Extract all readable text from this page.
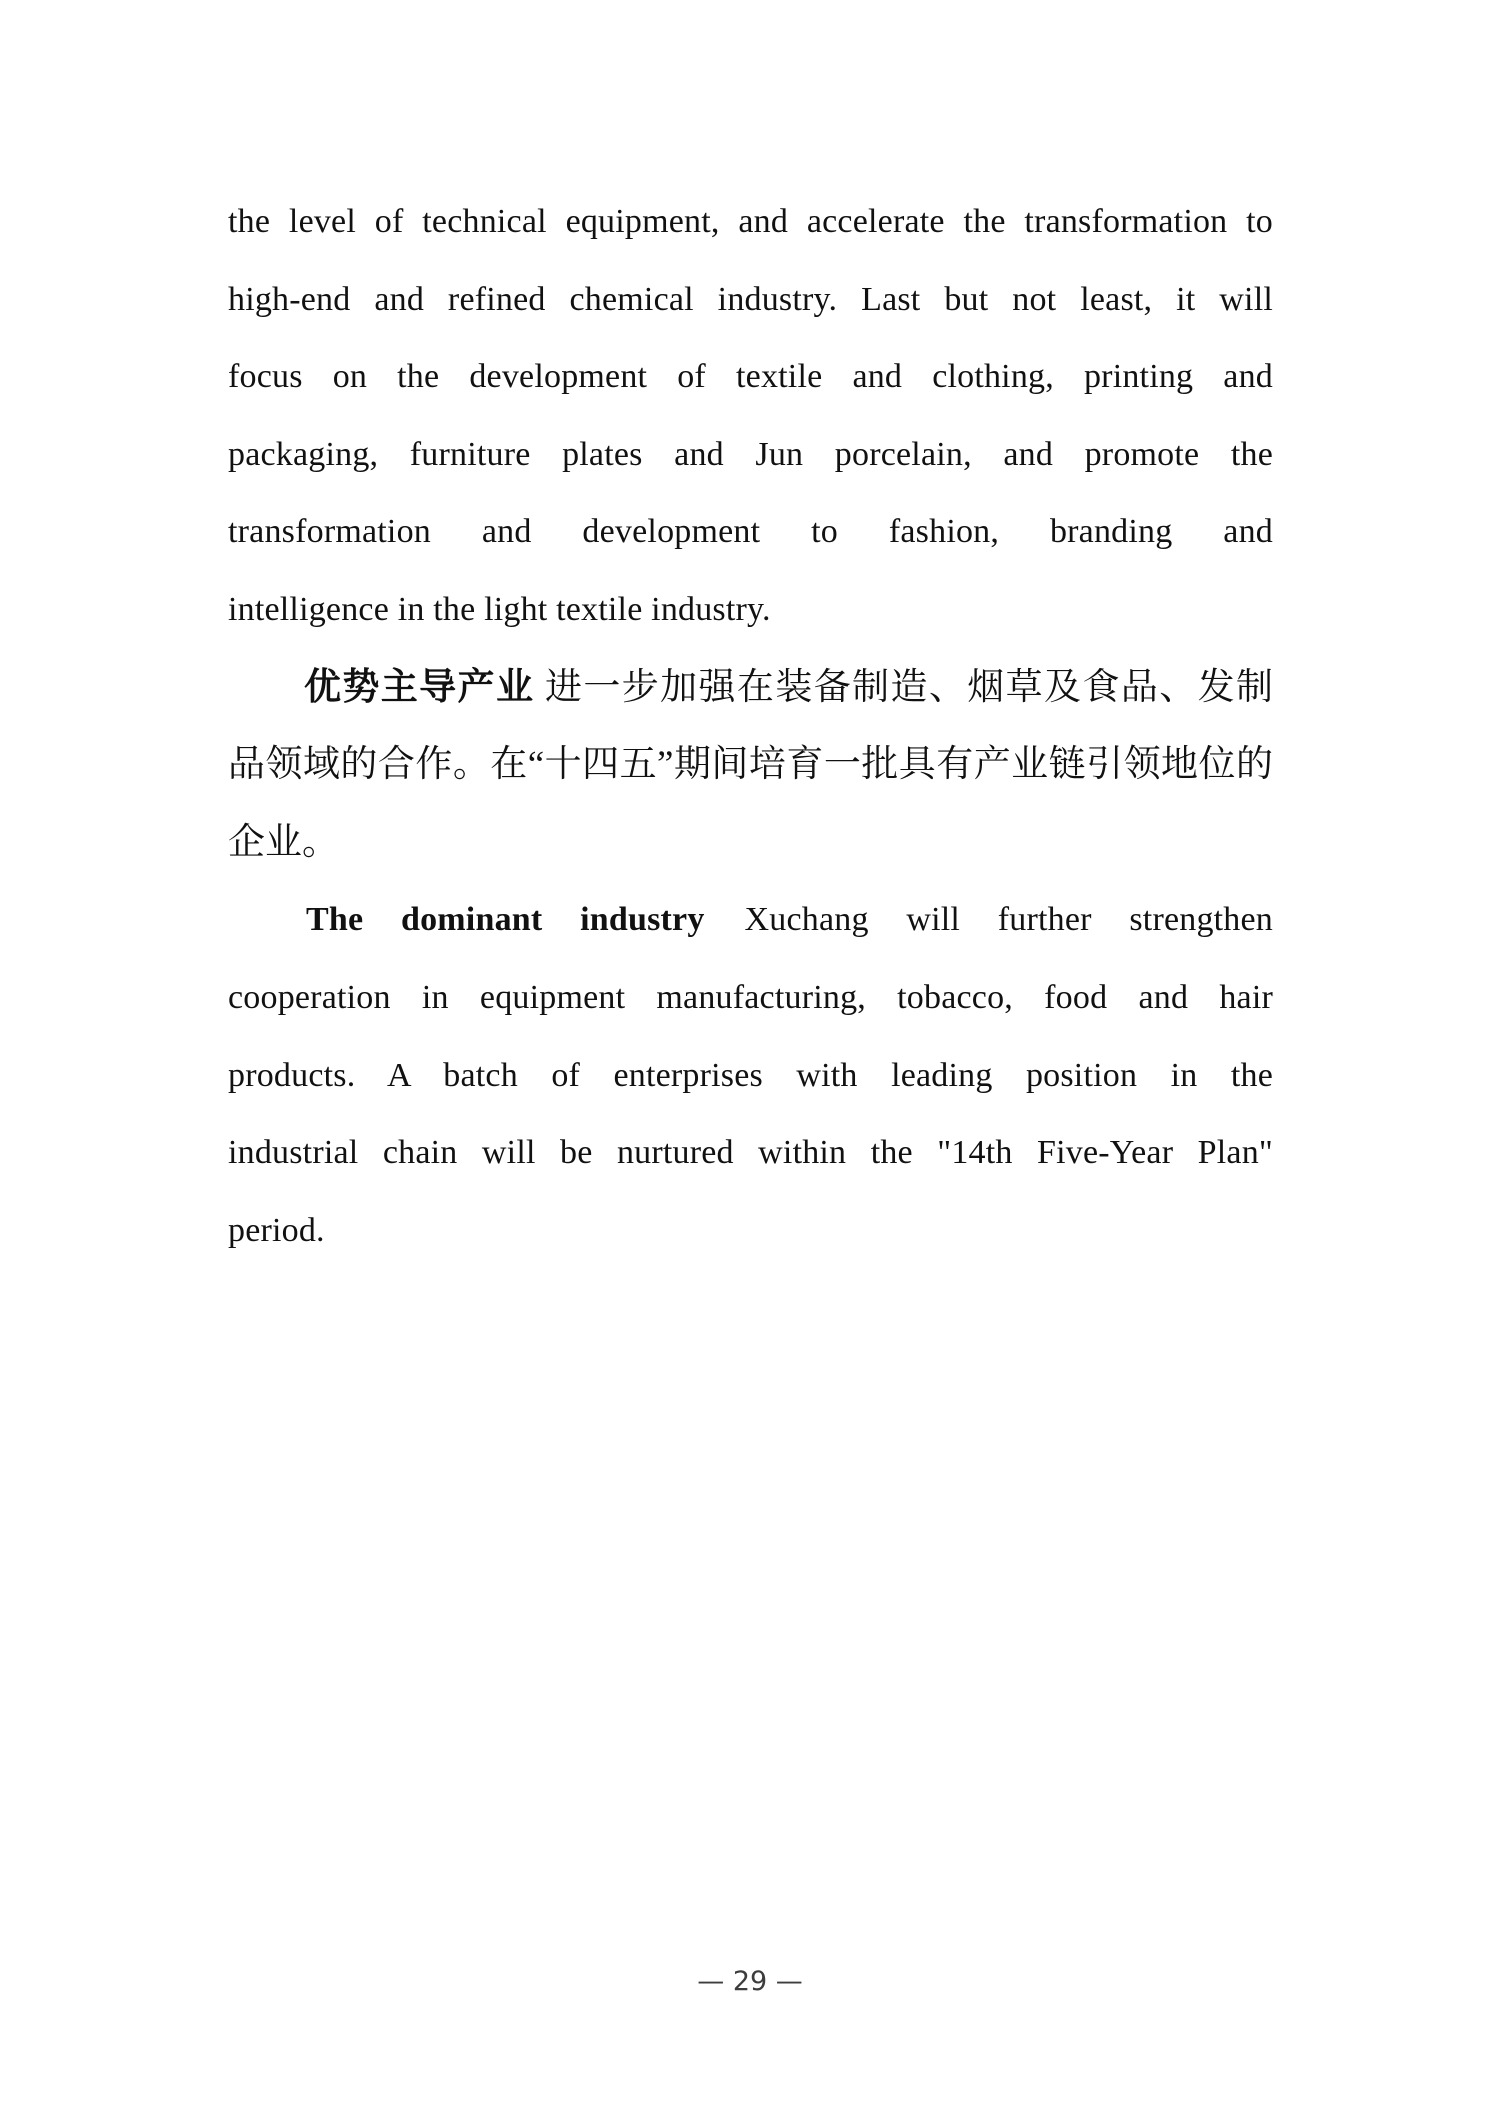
the level of technical equipment, and accelerate the transformation to
high-end and refined chemical industry. Last but not least, it will
focus on the development of textile and clothing, printing and
packaging, furniture plates and Jun porcelain, and promote the
transformation and development to fashion, branding and
intelligence in the light textile industry.
优势主导产业 进一步加强在装备制造、烟草及食品、发制
品领域的合作。在“十四五”期间培育一批具有产业链引领地位的
企业。
The dominant industry Xuchang will further strengthen
cooperation in equipment manufacturing, tobacco, food and hair
products. A batch of enterprises with leading position in the
industrial chain will be nurtured within the "14th Five-Year Plan"
period.
— 29 —
